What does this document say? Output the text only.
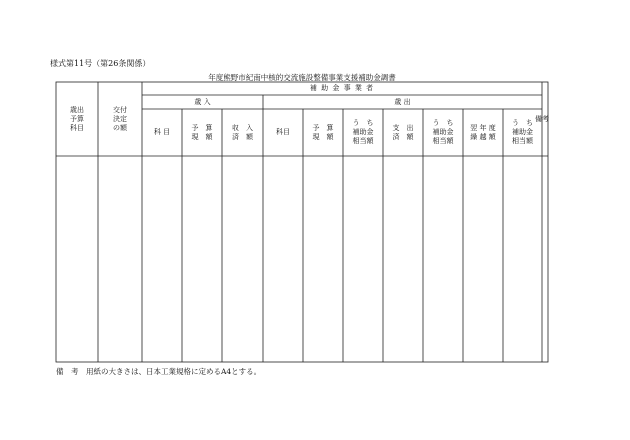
様式第11号（第26条関係）
年度熊野市紀南中核的交流施設整備事業支援補助金調書
歳出
予算
科目
交付
決定
の額
補 助 金 事 業 者
備考
歳 入	歳 出
科 目
予　算
現　額
収　入
済　額
科目
予　算
現　額
う　ち
補助金
相当額
支　出
済　額
う　ち
補助金
相当額
翌 年 度
繰 越 額
う　ち
補助金
相当額
備　考　用紙の大きさは、日本工業規格に定めるA4とする。
